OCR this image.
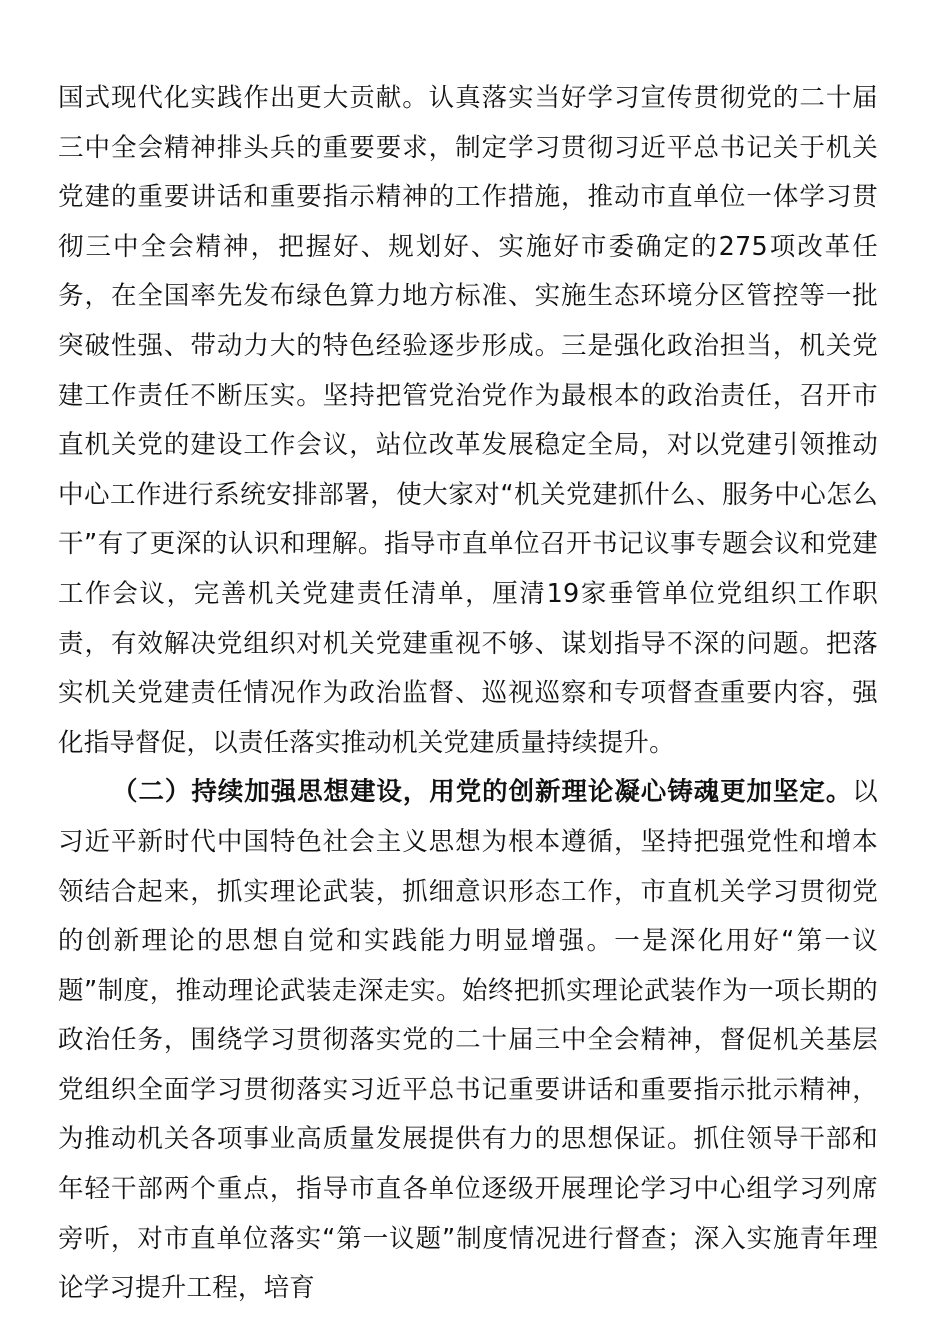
国式现代化实践作出更大贡献。认真落实当好学习宣传贯彻党的二十届三中全会精神排头兵的重要要求，制定学习贯彻习近平总书记关于机关党建的重要讲话和重要指示精神的工作措施，推动市直单位一体学习贯彻三中全会精神，把握好、规划好、实施好市委确定的275项改革任务，在全国率先发布绿色算力地方标准、实施生态环境分区管控等一批突破性强、带动力大的特色经验逐步形成。三是强化政治担当，机关党建工作责任不断压实。坚持把管党治党作为最根本的政治责任，召开市直机关党的建设工作会议，站位改革发展稳定全局，对以党建引领推动中心工作进行系统安排部署，使大家对“机关党建抓什么、服务中心怎么干”有了更深的认识和理解。指导市直单位召开书记议事专题会议和党建工作会议，完善机关党建责任清单，厘清19家垂管单位党组织工作职责，有效解决党组织对机关党建重视不够、谋划指导不深的问题。把落实机关党建责任情况作为政治监督、巡视巡察和专项督查重要内容，强化指导督促，以责任落实推动机关党建质量持续提升。

（二）持续加强思想建设，用党的创新理论凝心铸魂更加坚定。以习近平新时代中国特色社会主义思想为根本遵循，坚持把强党性和增本领结合起来，抓实理论武装，抓细意识形态工作，市直机关学习贯彻党的创新理论的思想自觉和实践能力明显增强。一是深化用好“第一议题”制度，推动理论武装走深走实。始终把抓实理论武装作为一项长期的政治任务，围绕学习贯彻落实党的二十届三中全会精神，督促机关基层党组织全面学习贯彻落实习近平总书记重要讲话和重要指示批示精神，为推动机关各项事业高质量发展提供有力的思想保证。抓住领导干部和年轻干部两个重点，指导市直各单位逐级开展理论学习中心组学习列席旁听，对市直单位落实“第一议题”制度情况进行督查；深入实施青年理论学习提升工程，培育
